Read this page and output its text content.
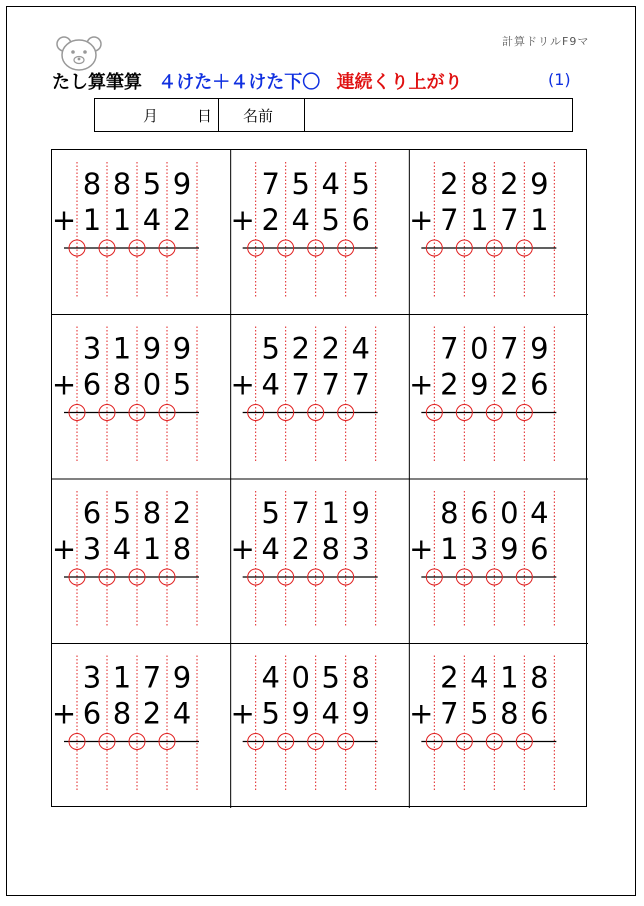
計算ドリルF9マ
たし算筆算 ４けた＋４けた下〇 連続くり上がり	(1)
月	日 名前
8 8 5 9
+ 1 1 4 2
7 5 4 5
+ 2 4 5 6
2 8 2 9
+ 7 1 7 1
3 1 9 9
+ 6 8 0 5
5 2 2 4
+ 4 7 7 7
7 0 7 9
+ 2 9 2 6
6 5 8 2
+ 3 4 1 8
5 7 1 9
+ 4 2 8 3
8 6 0 4
+ 1 3 9 6
3 1 7 9
+ 6 8 2 4
4 0 5 8
+ 5 9 4 9
2 4 1 8
+ 7 5 8 6
